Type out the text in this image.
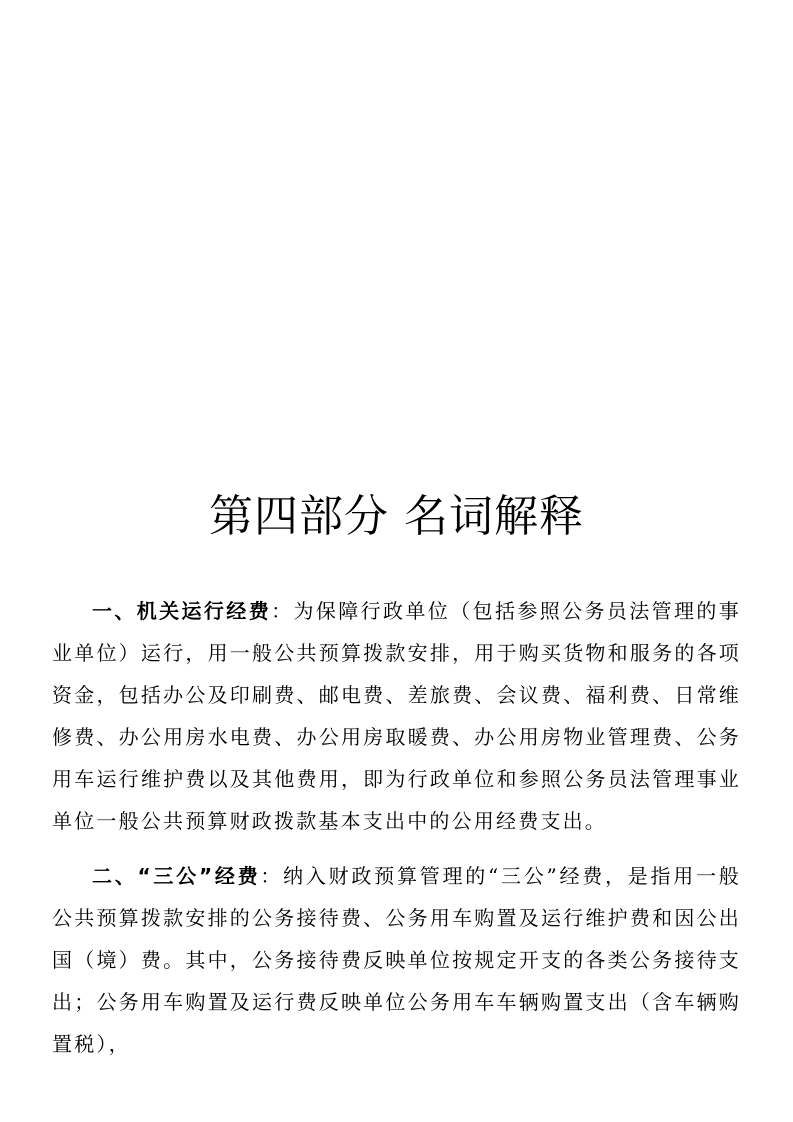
第四部分 名词解释

一、机关运行经费：为保障行政单位（包括参照公务员法管理的事业单位）运行，用一般公共预算拨款安排，用于购买货物和服务的各项资金，包括办公及印刷费、邮电费、差旅费、会议费、福利费、日常维修费、办公用房水电费、办公用房取暖费、办公用房物业管理费、公务用车运行维护费以及其他费用，即为行政单位和参照公务员法管理事业单位一般公共预算财政拨款基本支出中的公用经费支出。

二、“三公”经费：纳入财政预算管理的“三公”经费，是指用一般公共预算拨款安排的公务接待费、公务用车购置及运行维护费和因公出国（境）费。其中，公务接待费反映单位按规定开支的各类公务接待支出；公务用车购置及运行费反映单位公务用车车辆购置支出（含车辆购置税），
